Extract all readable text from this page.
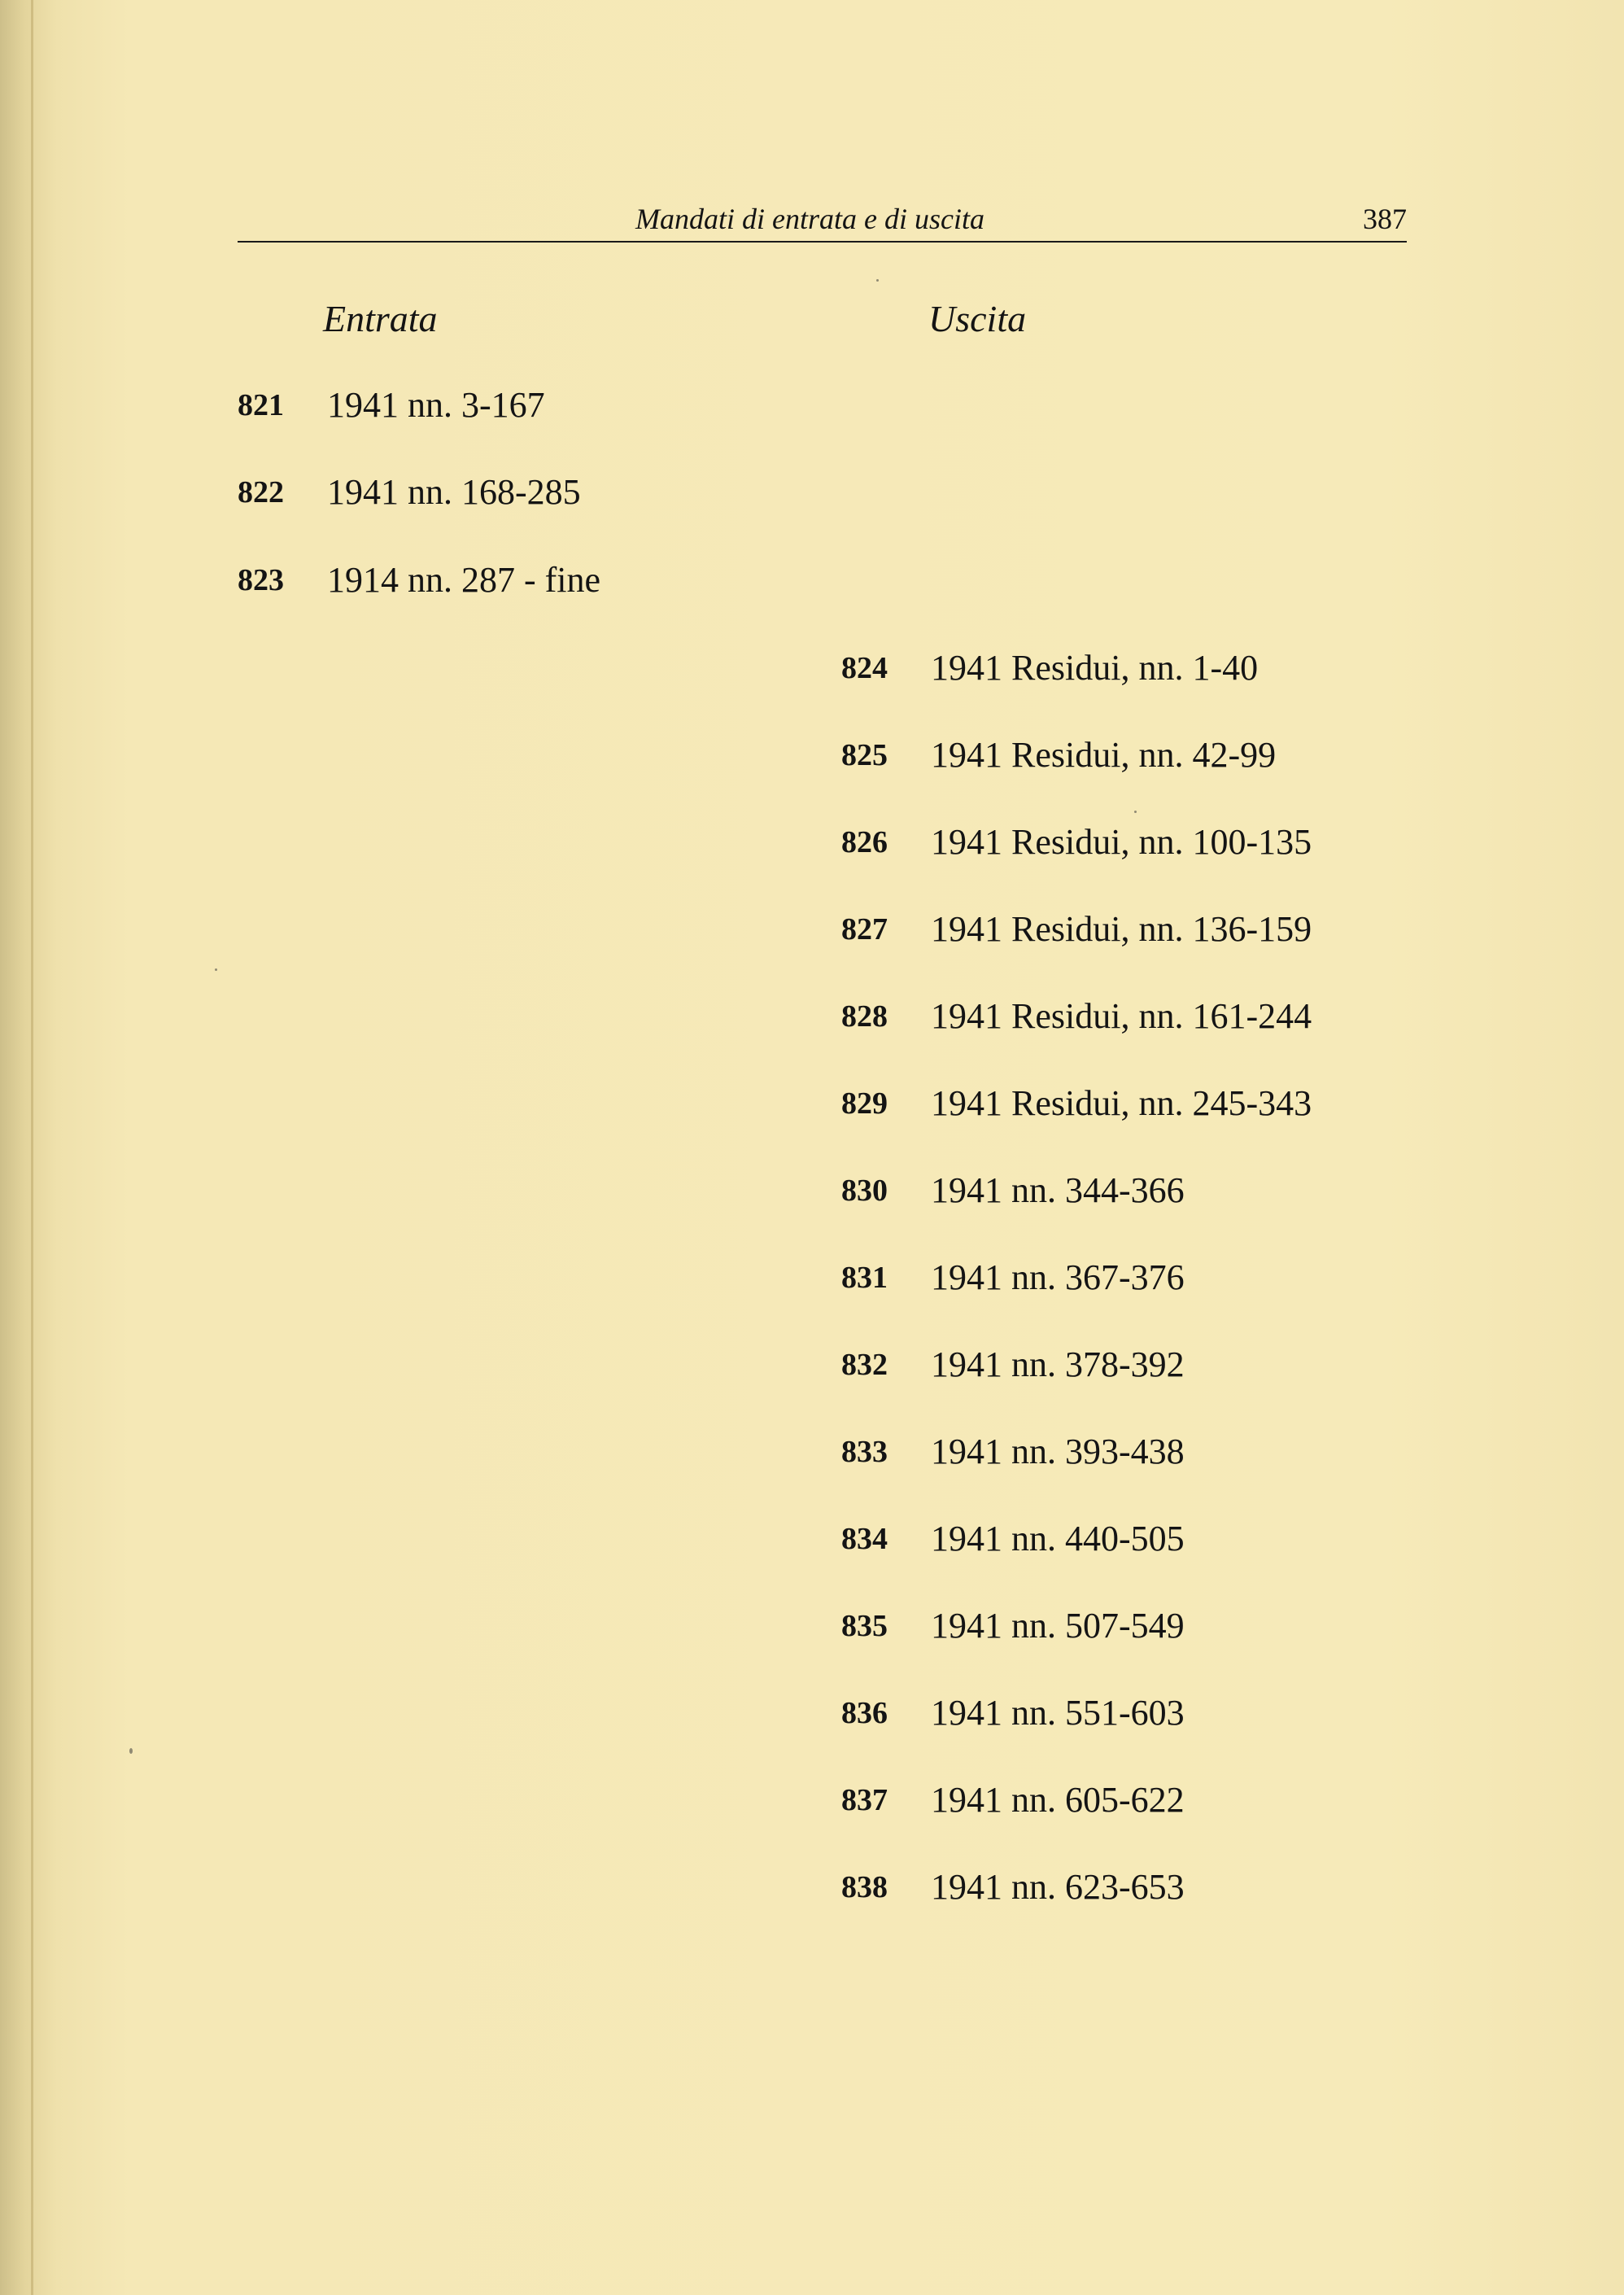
Mandati di entrata e di uscita	387
Entrata	Uscita
821 1941 nn. 3-167
822 1941 nn. 168-285
823 1914 nn. 287 - fine
824 1941 Residui, nn. 1-40
825 1941 Residui, nn. 42-99
826 1941 Residui, nn. 100-135
827 1941 Residui, nn. 136-159
828 1941 Residui, nn. 161-244
829 1941 Residui, nn. 245-343
830 1941 nn. 344-366
831 1941 nn. 367-376
832 1941 nn. 378-392
833 1941 nn. 393-438
834 1941 nn. 440-505
835 1941 nn. 507-549
836 1941 nn. 551-603
837 1941 nn. 605-622
838 1941 nn. 623-653
